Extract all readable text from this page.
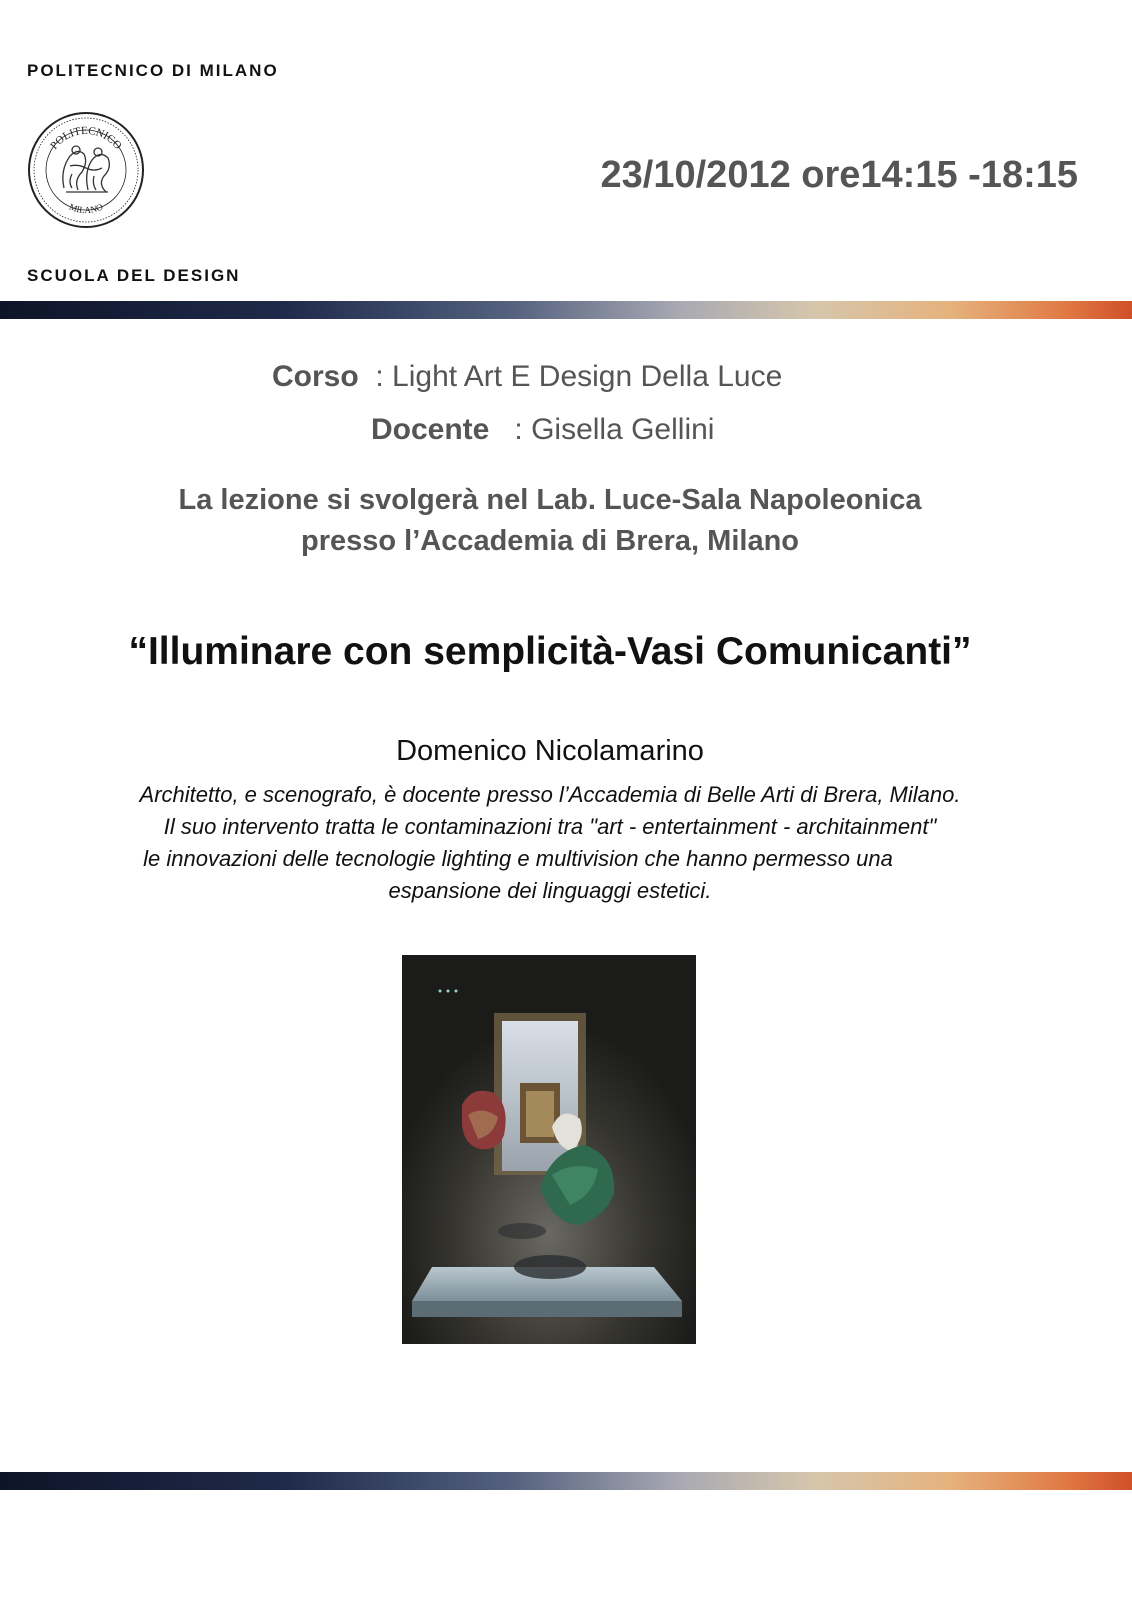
POLITECNICO DI MILANO
POLITECNICO
MILANO
SCUOLA DEL DESIGN
23/10/2012 ore14:15 -18:15
Corso : Light Art E Design Della Luce
Docente : Gisella Gellini
La lezione si svolgerà nel Lab. Luce-Sala Napoleonica
presso l’Accademia di Brera, Milano
“Illuminare con semplicità-Vasi Comunicanti”
Domenico Nicolamarino
Architetto, e scenografo, è docente presso l’Accademia di Belle Arti di Brera, Milano.
Il suo intervento tratta le contaminazioni tra "art - entertainment - architainment"
le innovazioni delle tecnologie lighting e multivision che hanno permesso una
espansione dei linguaggi estetici.
